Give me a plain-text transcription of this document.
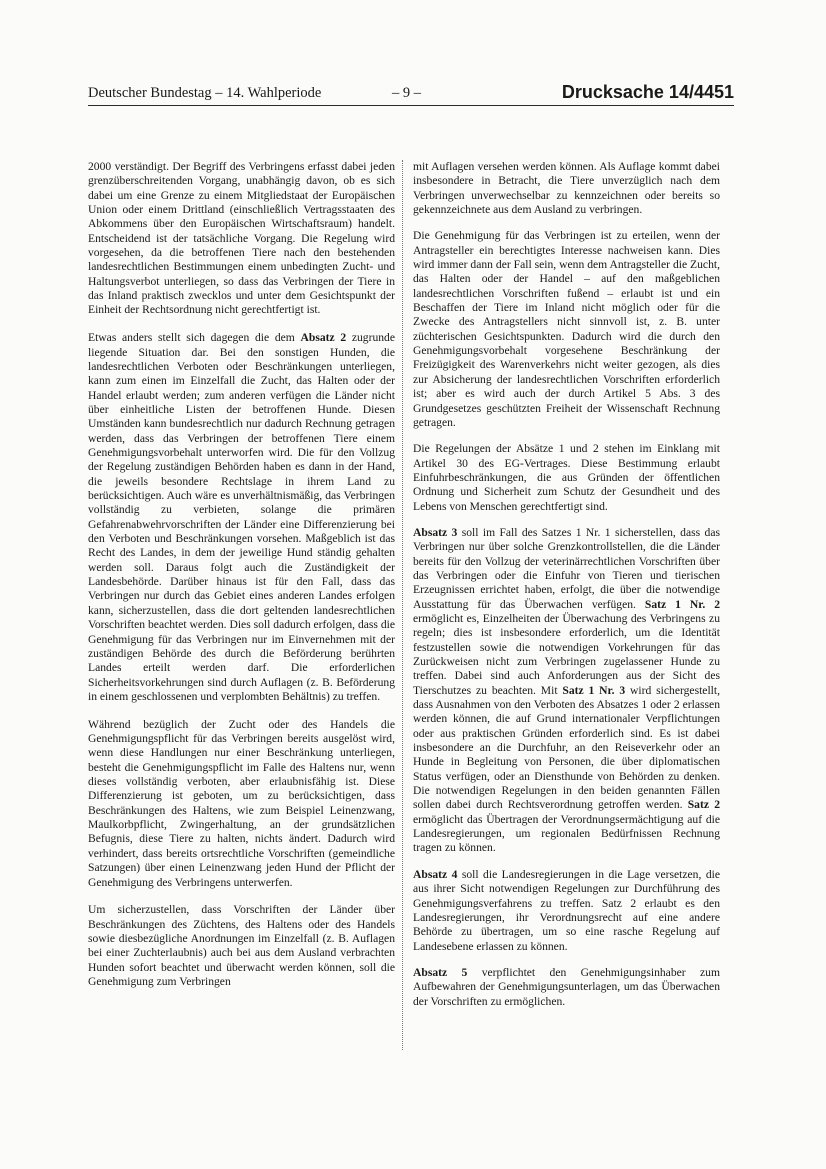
Deutscher Bundestag – 14. Wahlperiode	– 9 –	Drucksache 14/4451

2000 verständigt. Der Begriff des Verbringens erfasst dabei jeden grenzüberschreitenden Vorgang, unabhängig davon, ob es sich dabei um eine Grenze zu einem Mitgliedstaat der Europäischen Union oder einem Drittland (einschließlich Vertragsstaaten des Abkommens über den Europäischen Wirtschaftsraum) handelt. Entscheidend ist der tatsächliche Vorgang. Die Regelung wird vorgesehen, da die betroffenen Tiere nach den bestehenden landesrechtlichen Bestimmungen einem unbedingten Zucht- und Haltungsverbot unterliegen, so dass das Verbringen der Tiere in das Inland praktisch zwecklos und unter dem Gesichtspunkt der Einheit der Rechtsordnung nicht gerechtfertigt ist.

Etwas anders stellt sich dagegen die dem Absatz 2 zugrunde liegende Situation dar. Bei den sonstigen Hunden, die landesrechtlichen Verboten oder Beschränkungen unterliegen, kann zum einen im Einzelfall die Zucht, das Halten oder der Handel erlaubt werden; zum anderen verfügen die Länder nicht über einheitliche Listen der betroffenen Hunde. Diesen Umständen kann bundesrechtlich nur dadurch Rechnung getragen werden, dass das Verbringen der betroffenen Tiere einem Genehmigungsvorbehalt unterworfen wird. Die für den Vollzug der Regelung zuständigen Behörden haben es dann in der Hand, die jeweils besondere Rechtslage in ihrem Land zu berücksichtigen. Auch wäre es unverhältnismäßig, das Verbringen vollständig zu verbieten, solange die primären Gefahrenabwehrvorschriften der Länder eine Differenzierung bei den Verboten und Beschränkungen vorsehen. Maßgeblich ist das Recht des Landes, in dem der jeweilige Hund ständig gehalten werden soll. Daraus folgt auch die Zuständigkeit der Landesbehörde. Darüber hinaus ist für den Fall, dass das Verbringen nur durch das Gebiet eines anderen Landes erfolgen kann, sicherzustellen, dass die dort geltenden landesrechtlichen Vorschriften beachtet werden. Dies soll dadurch erfolgen, dass die Genehmigung für das Verbringen nur im Einvernehmen mit der zuständigen Behörde des durch die Beförderung berührten Landes erteilt werden darf. Die erforderlichen Sicherheitsvorkehrungen sind durch Auflagen (z. B. Beförderung in einem geschlossenen und verplombten Behältnis) zu treffen.

Während bezüglich der Zucht oder des Handels die Genehmigungspflicht für das Verbringen bereits ausgelöst wird, wenn diese Handlungen nur einer Beschränkung unterliegen, besteht die Genehmigungspflicht im Falle des Haltens nur, wenn dieses vollständig verboten, aber erlaubnisfähig ist. Diese Differenzierung ist geboten, um zu berücksichtigen, dass Beschränkungen des Haltens, wie zum Beispiel Leinenzwang, Maulkorbpflicht, Zwingerhaltung, an der grundsätzlichen Befugnis, diese Tiere zu halten, nichts ändert. Dadurch wird verhindert, dass bereits ortsrechtliche Vorschriften (gemeindliche Satzungen) über einen Leinenzwang jeden Hund der Pflicht der Genehmigung des Verbringens unterwerfen.

Um sicherzustellen, dass Vorschriften der Länder über Beschränkungen des Züchtens, des Haltens oder des Handels sowie diesbezügliche Anordnungen im Einzelfall (z. B. Auflagen bei einer Zuchterlaubnis) auch bei aus dem Ausland verbrachten Hunden sofort beachtet und überwacht werden können, soll die Genehmigung zum Verbringen

mit Auflagen versehen werden können. Als Auflage kommt dabei insbesondere in Betracht, die Tiere unverzüglich nach dem Verbringen unverwechselbar zu kennzeichnen oder bereits so gekennzeichnete aus dem Ausland zu verbringen.

Die Genehmigung für das Verbringen ist zu erteilen, wenn der Antragsteller ein berechtigtes Interesse nachweisen kann. Dies wird immer dann der Fall sein, wenn dem Antragsteller die Zucht, das Halten oder der Handel – auf den maßgeblichen landesrechtlichen Vorschriften fußend – erlaubt ist und ein Beschaffen der Tiere im Inland nicht möglich oder für die Zwecke des Antragstellers nicht sinnvoll ist, z. B. unter züchterischen Gesichtspunkten. Dadurch wird die durch den Genehmigungsvorbehalt vorgesehene Beschränkung der Freizügigkeit des Warenverkehrs nicht weiter gezogen, als dies zur Absicherung der landesrechtlichen Vorschriften erforderlich ist; aber es wird auch der durch Artikel 5 Abs. 3 des Grundgesetzes geschützten Freiheit der Wissenschaft Rechnung getragen.

Die Regelungen der Absätze 1 und 2 stehen im Einklang mit Artikel 30 des EG-Vertrages. Diese Bestimmung erlaubt Einfuhrbeschränkungen, die aus Gründen der öffentlichen Ordnung und Sicherheit zum Schutz der Gesundheit und des Lebens von Menschen gerechtfertigt sind.

Absatz 3 soll im Fall des Satzes 1 Nr. 1 sicherstellen, dass das Verbringen nur über solche Grenzkontrollstellen, die die Länder bereits für den Vollzug der veterinärrechtlichen Vorschriften über das Verbringen oder die Einfuhr von Tieren und tierischen Erzeugnissen errichtet haben, erfolgt, die über die notwendige Ausstattung für das Überwachen verfügen. Satz 1 Nr. 2 ermöglicht es, Einzelheiten der Überwachung des Verbringens zu regeln; dies ist insbesondere erforderlich, um die Identität festzustellen sowie die notwendigen Vorkehrungen für das Zurückweisen nicht zum Verbringen zugelassener Hunde zu treffen. Dabei sind auch Anforderungen aus der Sicht des Tierschutzes zu beachten. Mit Satz 1 Nr. 3 wird sichergestellt, dass Ausnahmen von den Verboten des Absatzes 1 oder 2 erlassen werden können, die auf Grund internationaler Verpflichtungen oder aus praktischen Gründen erforderlich sind. Es ist dabei insbesondere an die Durchfuhr, an den Reiseverkehr oder an Hunde in Begleitung von Personen, die über diplomatischen Status verfügen, oder an Diensthunde von Behörden zu denken. Die notwendigen Regelungen in den beiden genannten Fällen sollen dabei durch Rechtsverordnung getroffen werden. Satz 2 ermöglicht das Übertragen der Verordnungsermächtigung auf die Landesregierungen, um regionalen Bedürfnissen Rechnung tragen zu können.

Absatz 4 soll die Landesregierungen in die Lage versetzen, die aus ihrer Sicht notwendigen Regelungen zur Durchführung des Genehmigungsverfahrens zu treffen. Satz 2 erlaubt es den Landesregierungen, ihr Verordnungsrecht auf eine andere Behörde zu übertragen, um so eine rasche Regelung auf Landesebene erlassen zu können.

Absatz 5 verpflichtet den Genehmigungsinhaber zum Aufbewahren der Genehmigungsunterlagen, um das Überwachen der Vorschriften zu ermöglichen.
